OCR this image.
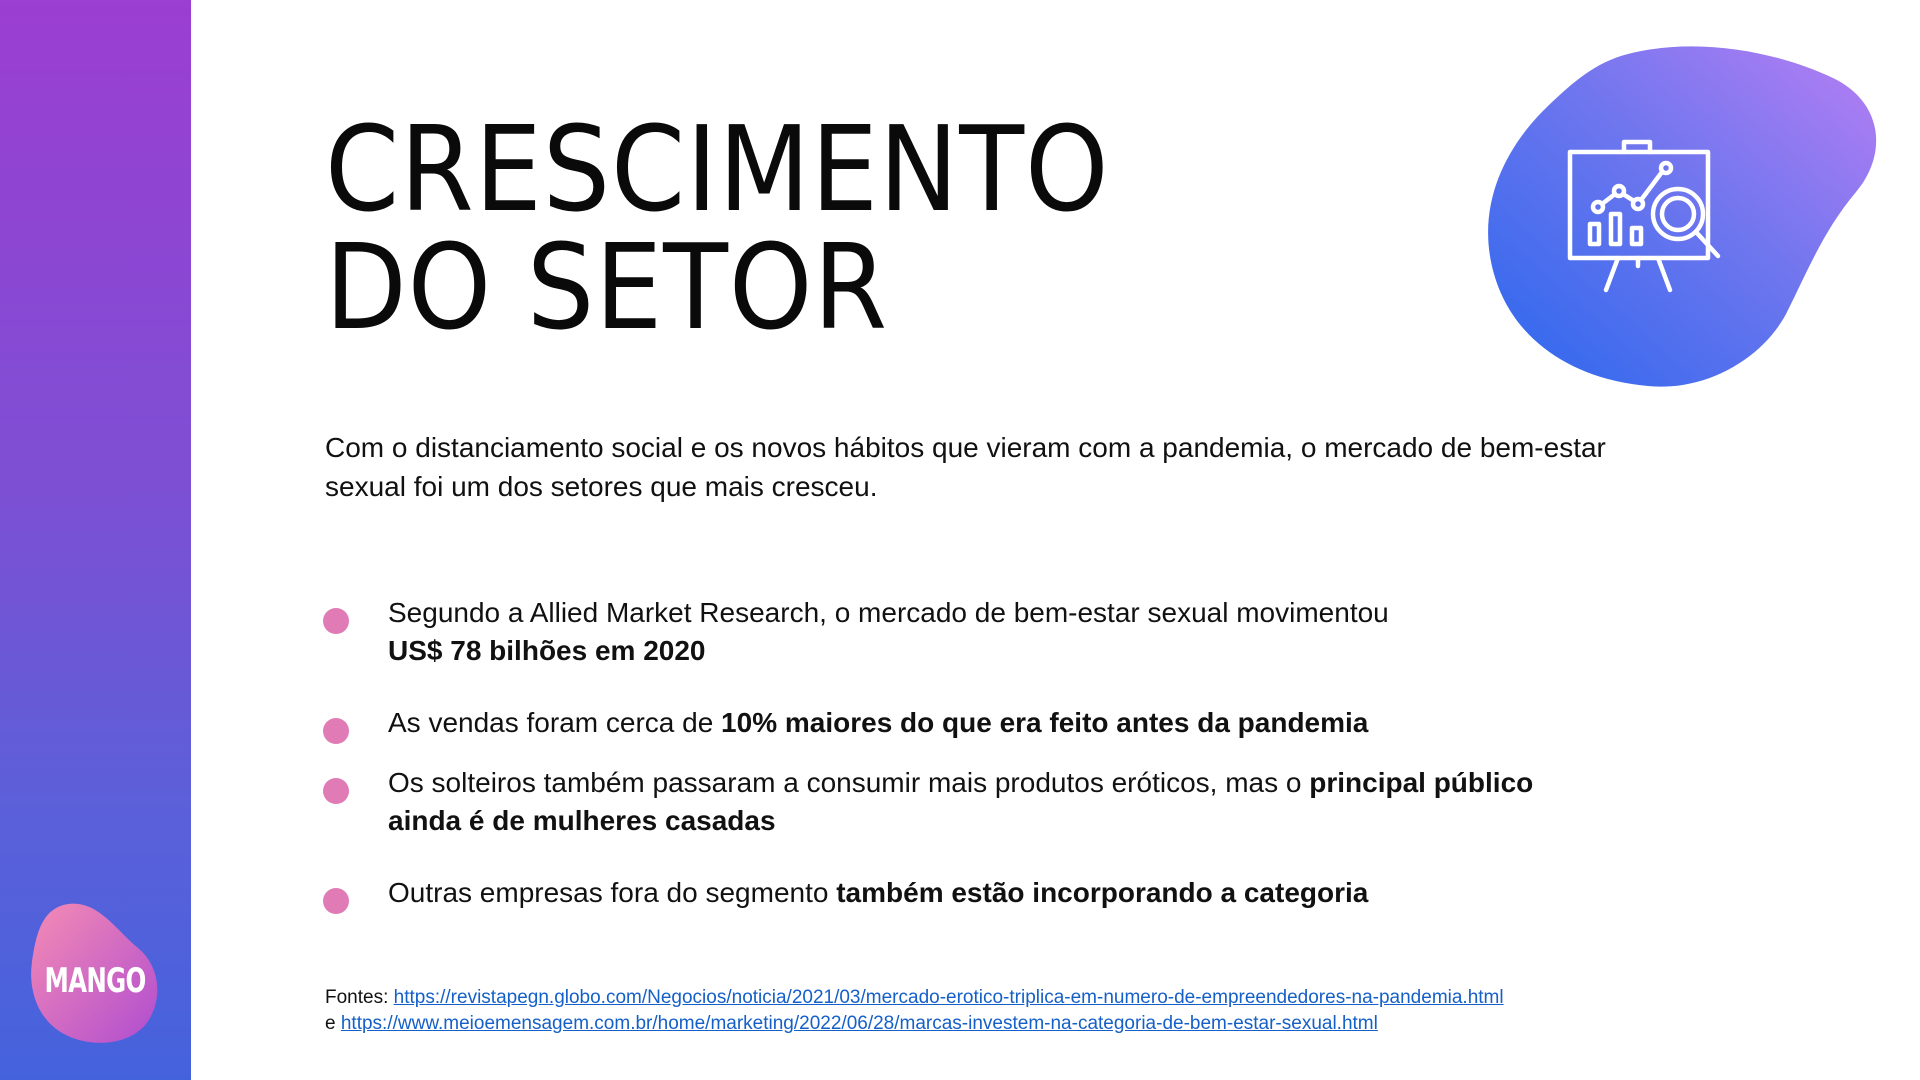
MANGO
CRESCIMENTO
DO SETOR

Com o distanciamento social e os novos hábitos que vieram com a pandemia, o mercado de bem-estar sexual foi um dos setores que mais cresceu.

Segundo a Allied Market Research, o mercado de bem-estar sexual movimentou
US$ 78 bilhões em 2020
As vendas foram cerca de 10% maiores do que era feito antes da pandemia
Os solteiros também passaram a consumir mais produtos eróticos, mas o principal público ainda é de mulheres casadas
Outras empresas fora do segmento também estão incorporando a categoria
Fontes: https://revistapegn.globo.com/Negocios/noticia/2021/03/mercado-erotico-triplica-em-numero-de-empreendedores-na-pandemia.html
e https://www.meioemensagem.com.br/home/marketing/2022/06/28/marcas-investem-na-categoria-de-bem-estar-sexual.html
